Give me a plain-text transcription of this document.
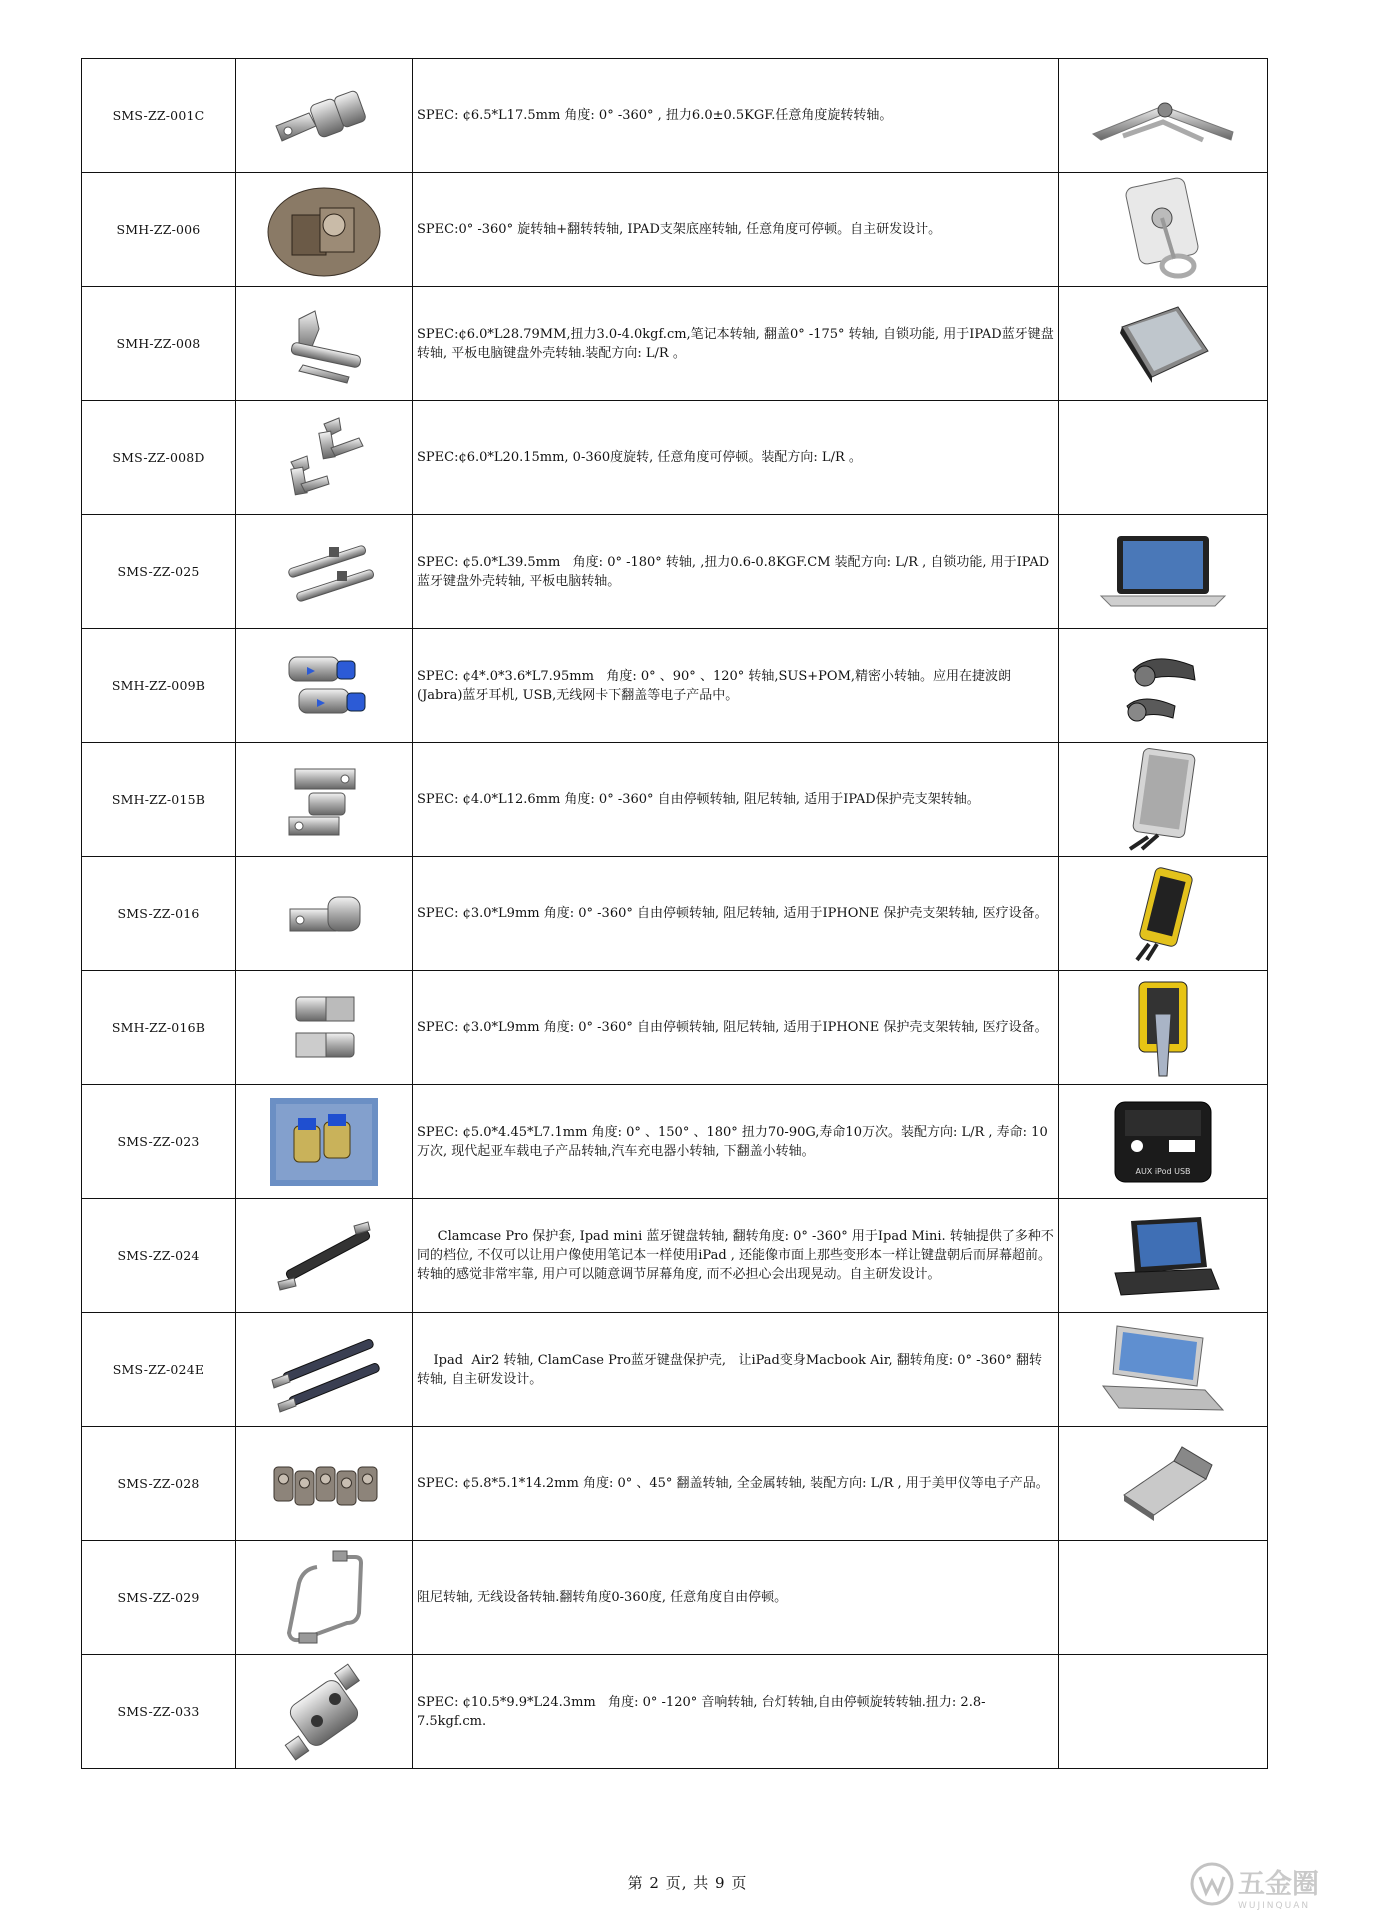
SMS-ZZ-001C		SPEC: ¢6.5*L17.5mm 角度: 0° -360° , 扭力6.0±0.5KGF.任意角度旋转转轴。

SMH-ZZ-006		SPEC:0° -360° 旋转轴+翻转转轴, IPAD支架底座转轴, 任意角度可停顿。自主研发设计。

SMH-ZZ-008		SPEC:¢6.0*L28.79MM,扭力3.0-4.0kgf.cm,笔记本转轴, 翻盖0° -175° 转轴, 自锁功能, 用于IPAD蓝牙键盘转轴, 平板电脑键盘外壳转轴.装配方向: L/R 。

SMS-ZZ-008D		SPEC:¢6.0*L20.15mm, 0-360度旋转, 任意角度可停顿。装配方向: L/R 。	

SMS-ZZ-025		SPEC: ¢5.0*L39.5mm   角度: 0° -180° 转轴, ,扭力0.6-0.8KGF.CM 装配方向: L/R , 自锁功能, 用于IPAD蓝牙键盘外壳转轴, 平板电脑转轴。

SMH-ZZ-009B		SPEC: ¢4*.0*3.6*L7.95mm   角度: 0° 、90° 、120° 转轴,SUS+POM,精密小转轴。应用在捷波朗(Jabra)蓝牙耳机, USB,无线网卡下翻盖等电子产品中。

SMH-ZZ-015B		SPEC: ¢4.0*L12.6mm 角度: 0° -360° 自由停顿转轴, 阻尼转轴, 适用于IPAD保护壳支架转轴。

SMS-ZZ-016		SPEC: ¢3.0*L9mm 角度: 0° -360° 自由停顿转轴, 阻尼转轴, 适用于IPHONE 保护壳支架转轴, 医疗设备。

SMH-ZZ-016B		SPEC: ¢3.0*L9mm 角度: 0° -360° 自由停顿转轴, 阻尼转轴, 适用于IPHONE 保护壳支架转轴, 医疗设备。

SMS-ZZ-023		SPEC: ¢5.0*4.45*L7.1mm 角度: 0° 、150° 、180° 扭力70-90G,寿命10万次。装配方向: L/R , 寿命: 10万次, 现代起亚车载电子产品转轴,汽车充电器小转轴, 下翻盖小转轴。	AUX iPod USB

SMS-ZZ-024		Clamcase Pro 保护套, Ipad mini 蓝牙键盘转轴, 翻转角度: 0° -360° 用于Ipad Mini. 转轴提供了多种不同的档位, 不仅可以让用户像使用笔记本一样使用iPad , 还能像市面上那些变形本一样让键盘朝后而屏幕超前。转轴的感觉非常牢靠, 用户可以随意调节屏幕角度, 而不必担心会出现晃动。自主研发设计。

SMS-ZZ-024E		Ipad  Air2 转轴, ClamCase Pro蓝牙键盘保护壳,   让iPad变身Macbook Air, 翻转角度: 0° -360° 翻转转轴, 自主研发设计。

SMS-ZZ-028		SPEC: ¢5.8*5.1*14.2mm 角度: 0° 、45° 翻盖转轴, 全金属转轴, 装配方向: L/R , 用于美甲仪等电子产品。

SMS-ZZ-029		阻尼转轴, 无线设备转轴.翻转角度0-360度, 任意角度自由停顿。	

SMS-ZZ-033		SPEC: ¢10.5*9.9*L24.3mm   角度: 0° -120° 音响转轴, 台灯转轴,自由停顿旋转转轴.扭力: 2.8-7.5kgf.cm.	

第 2 页, 共 9 页	五金圈
WUJINQUAN
